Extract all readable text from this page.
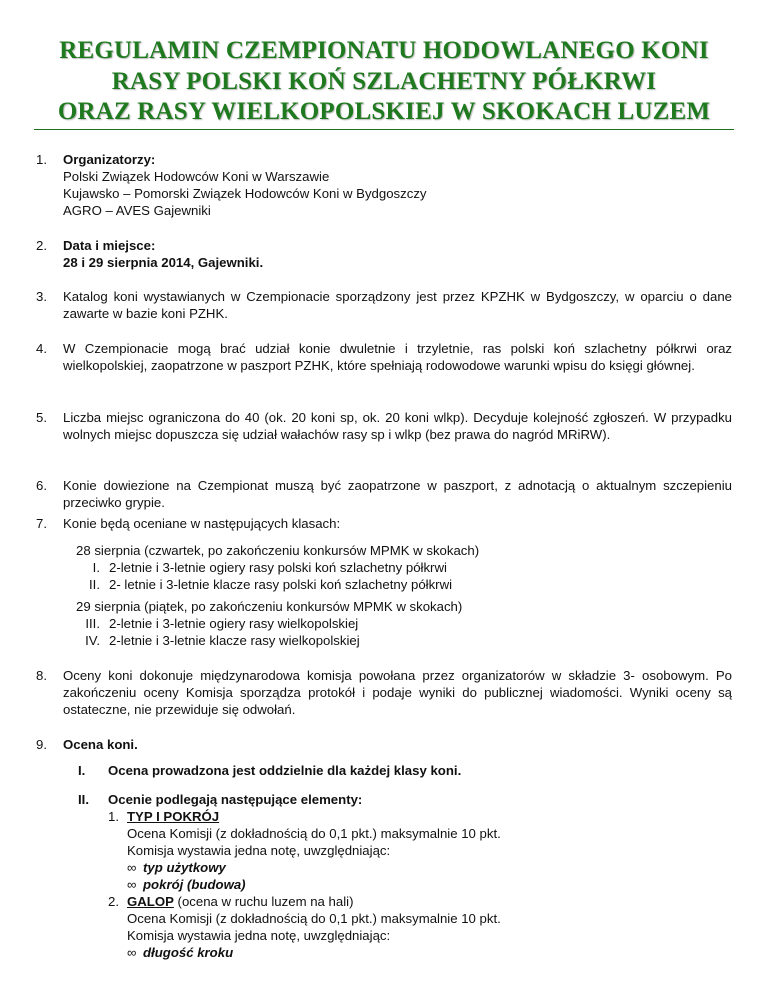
REGULAMIN CZEMPIONATU HODOWLANEGO KONI
RASY POLSKI KOŃ SZLACHETNY PÓŁKRWI
ORAZ RASY WIELKOPOLSKIEJ W SKOKACH LUZEM
1. Organizatorzy:
Polski Związek Hodowców Koni w Warszawie
Kujawsko – Pomorski Związek Hodowców Koni w Bydgoszczy
AGRO – AVES Gajewniki
2. Data i miejsce:
28 i 29 sierpnia 2014, Gajewniki.
3. Katalog koni wystawianych w Czempionacie sporządzony jest przez KPZHK w Bydgoszczy, w oparciu o dane zawarte w bazie koni PZHK.
4. W Czempionacie mogą brać udział konie dwuletnie i trzyletnie, ras polski koń szlachetny półkrwi oraz wielkopolskiej, zaopatrzone w paszport PZHK, które spełniają rodowodowe warunki wpisu do księgi głównej.
5. Liczba miejsc ograniczona do 40 (ok. 20 koni sp, ok. 20 koni wlkp). Decyduje kolejność zgłoszeń. W przypadku wolnych miejsc dopuszcza się udział wałachów rasy sp i wlkp (bez prawa do nagród MRiRW).
6. Konie dowiezione na Czempionat muszą być zaopatrzone w paszport, z adnotacją o aktualnym szczepieniu przeciwko grypie.
7. Konie będą oceniane w następujących klasach:
28 sierpnia (czwartek, po zakończeniu konkursów MPMK w skokach)
I. 2-letnie i 3-letnie ogiery rasy polski koń szlachetny półkrwi
II. 2- letnie i 3-letnie klacze rasy polski koń szlachetny półkrwi
29 sierpnia (piątek, po zakończeniu konkursów MPMK w skokach)
III. 2-letnie i 3-letnie ogiery rasy wielkopolskiej
IV. 2-letnie i 3-letnie klacze rasy wielkopolskiej
8. Oceny koni dokonuje międzynarodowa komisja powołana przez organizatorów w składzie 3- osobowym. Po zakończeniu oceny Komisja sporządza protokół i podaje wyniki do publicznej wiadomości. Wyniki oceny są ostateczne, nie przewiduje się odwołań.
9. Ocena koni.
I. Ocena prowadzona jest oddzielnie dla każdej klasy koni.
II. Ocenie podlegają następujące elementy:
1. TYP I POKRÓJ
Ocena Komisji (z dokładnością do 0,1 pkt.) maksymalnie 10 pkt.
Komisja wystawia jedna notę, uwzględniając:
∞ typ użytkowy
∞ pokrój (budowa)
2. GALOP (ocena w ruchu luzem na hali)
Ocena Komisji (z dokładnością do 0,1 pkt.) maksymalnie 10 pkt.
Komisja wystawia jedna notę, uwzględniając:
∞ długość kroku
